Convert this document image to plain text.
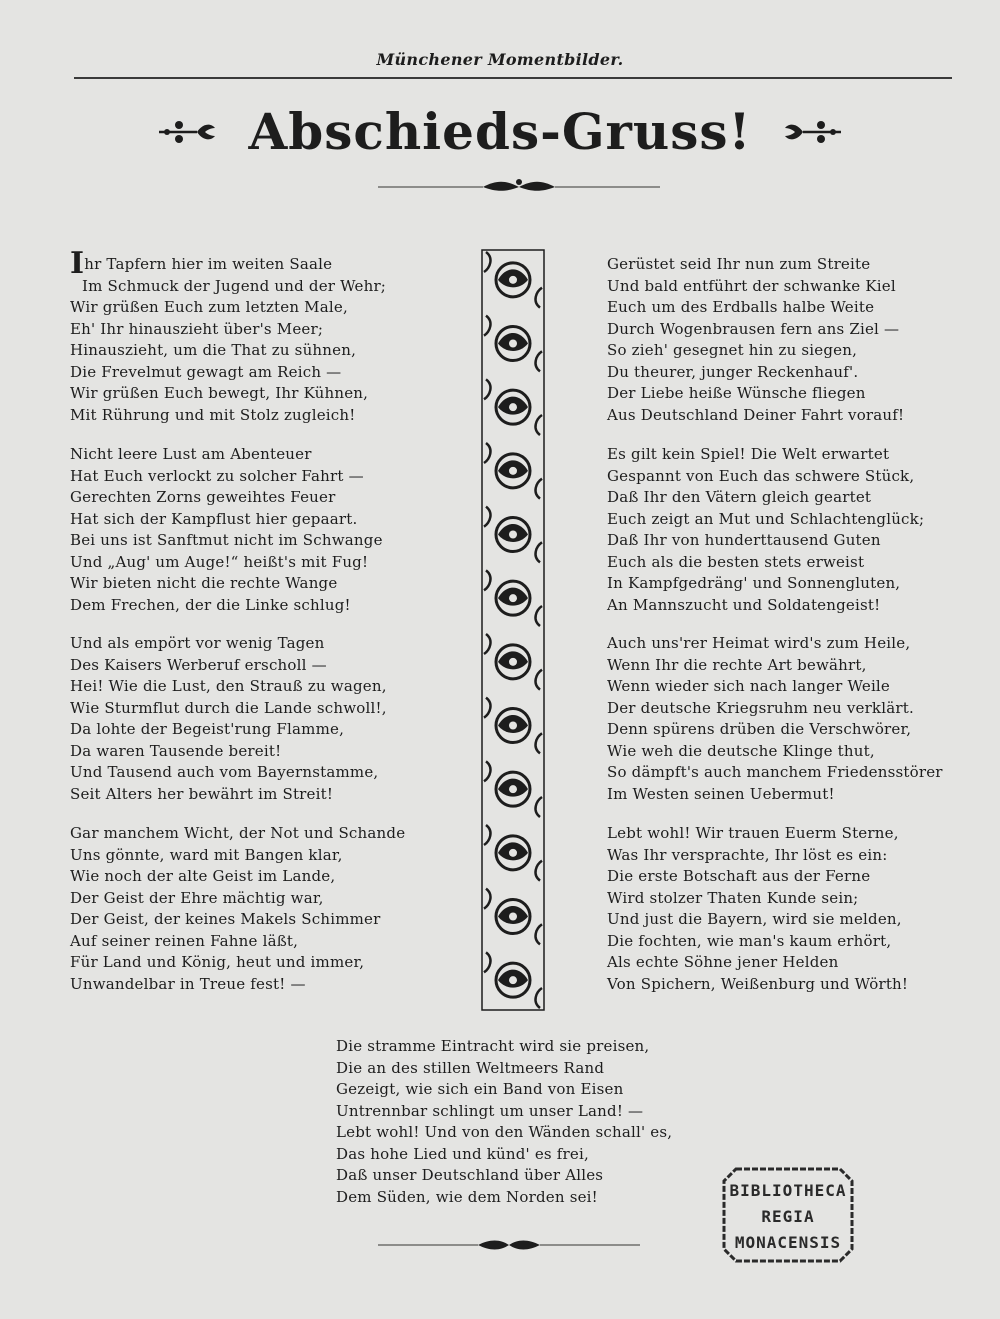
Münchener Momentbilder.
Abschieds-Gruss!
BIBLIOTHECA
REGIA
MONACENSIS
Ihr Tapfern hier im weiten Saale
Im Schmuck der Jugend und der Wehr;
Wir grüßen Euch zum letzten Male,
Eh' Ihr hinauszieht über's Meer;
Hinauszieht, um die That zu sühnen,
Die Frevelmut gewagt am Reich —
Wir grüßen Euch bewegt, Ihr Kühnen,
Mit Rührung und mit Stolz zugleich!
Nicht leere Lust am Abenteuer
Hat Euch verlockt zu solcher Fahrt —
Gerechten Zorns geweihtes Feuer
Hat sich der Kampflust hier gepaart.
Bei uns ist Sanftmut nicht im Schwange
Und „Aug' um Auge!“ heißt's mit Fug!
Wir bieten nicht die rechte Wange
Dem Frechen, der die Linke schlug!
Und als empört vor wenig Tagen
Des Kaisers Werberuf erscholl —
Hei! Wie die Lust, den Strauß zu wagen,
Wie Sturmflut durch die Lande schwoll!,
Da lohte der Begeist'rung Flamme,
Da waren Tausende bereit!
Und Tausend auch vom Bayernstamme,
Seit Alters her bewährt im Streit!
Gar manchem Wicht, der Not und Schande
Uns gönnte, ward mit Bangen klar,
Wie noch der alte Geist im Lande,
Der Geist der Ehre mächtig war,
Der Geist, der keines Makels Schimmer
Auf seiner reinen Fahne läßt,
Für Land und König, heut und immer,
Unwandelbar in Treue fest! —
Gerüstet seid Ihr nun zum Streite
Und bald entführt der schwanke Kiel
Euch um des Erdballs halbe Weite
Durch Wogenbrausen fern ans Ziel —
So zieh' gesegnet hin zu siegen,
Du theurer, junger Reckenhauf'.
Der Liebe heiße Wünsche fliegen
Aus Deutschland Deiner Fahrt vorauf!
Es gilt kein Spiel! Die Welt erwartet
Gespannt von Euch das schwere Stück,
Daß Ihr den Vätern gleich geartet
Euch zeigt an Mut und Schlachtenglück;
Daß Ihr von hunderttausend Guten
Euch als die besten stets erweist
In Kampfgedräng' und Sonnengluten,
An Mannszucht und Soldatengeist!
Auch uns'rer Heimat wird's zum Heile,
Wenn Ihr die rechte Art bewährt,
Wenn wieder sich nach langer Weile
Der deutsche Kriegsruhm neu verklärt.
Denn spürens drüben die Verschwörer,
Wie weh die deutsche Klinge thut,
So dämpft's auch manchem Friedensstörer
Im Westen seinen Uebermut!
Lebt wohl! Wir trauen Euerm Sterne,
Was Ihr versprachte, Ihr löst es ein:
Die erste Botschaft aus der Ferne
Wird stolzer Thaten Kunde sein;
Und just die Bayern, wird sie melden,
Die fochten, wie man's kaum erhört,
Als echte Söhne jener Helden
Von Spichern, Weißenburg und Wörth!
Die stramme Eintracht wird sie preisen,
Die an des stillen Weltmeers Rand
Gezeigt, wie sich ein Band von Eisen
Untrennbar schlingt um unser Land! —
Lebt wohl! Und von den Wänden schall' es,
Das hohe Lied und künd' es frei,
Daß unser Deutschland über Alles
Dem Süden, wie dem Norden sei!
